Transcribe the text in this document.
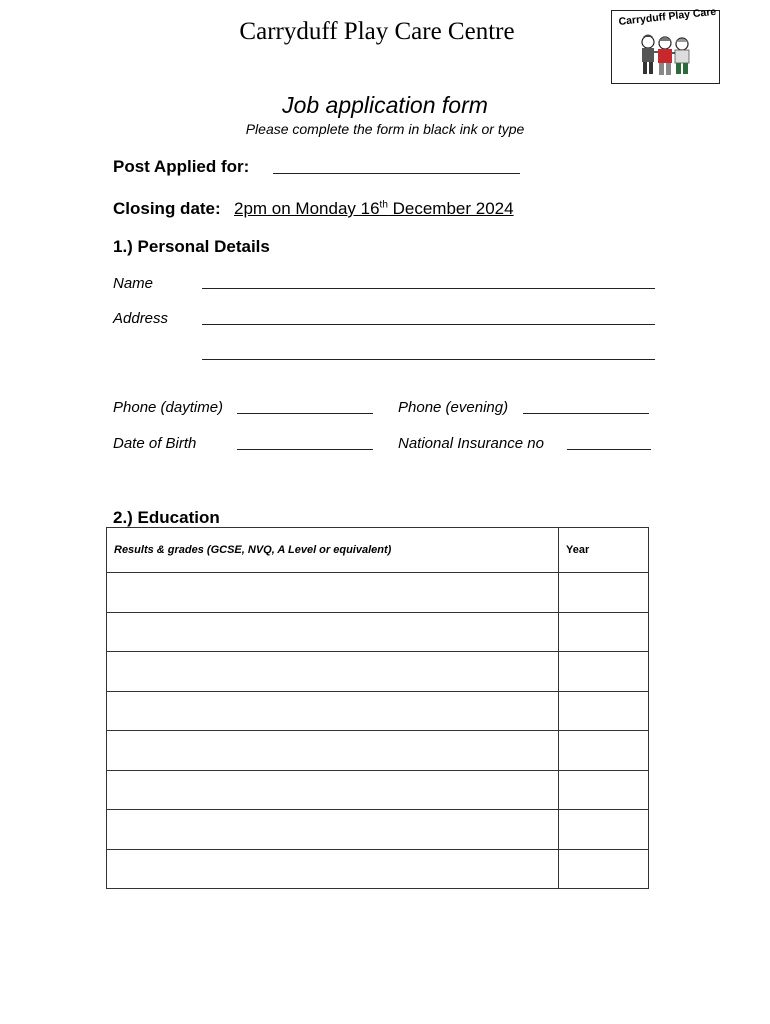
Carryduff Play Care Centre
Carryduff Play Care
Job application form
Please complete the form in black ink or type
Post Applied for:
Closing date: 2pm on Monday 16th December 2024
1.) Personal Details
Name
Address
Phone (daytime)	Phone (evening)
Date of Birth	National Insurance no
2.) Education
Results & grades (GCSE, NVQ, A Level or equivalent)	Year
